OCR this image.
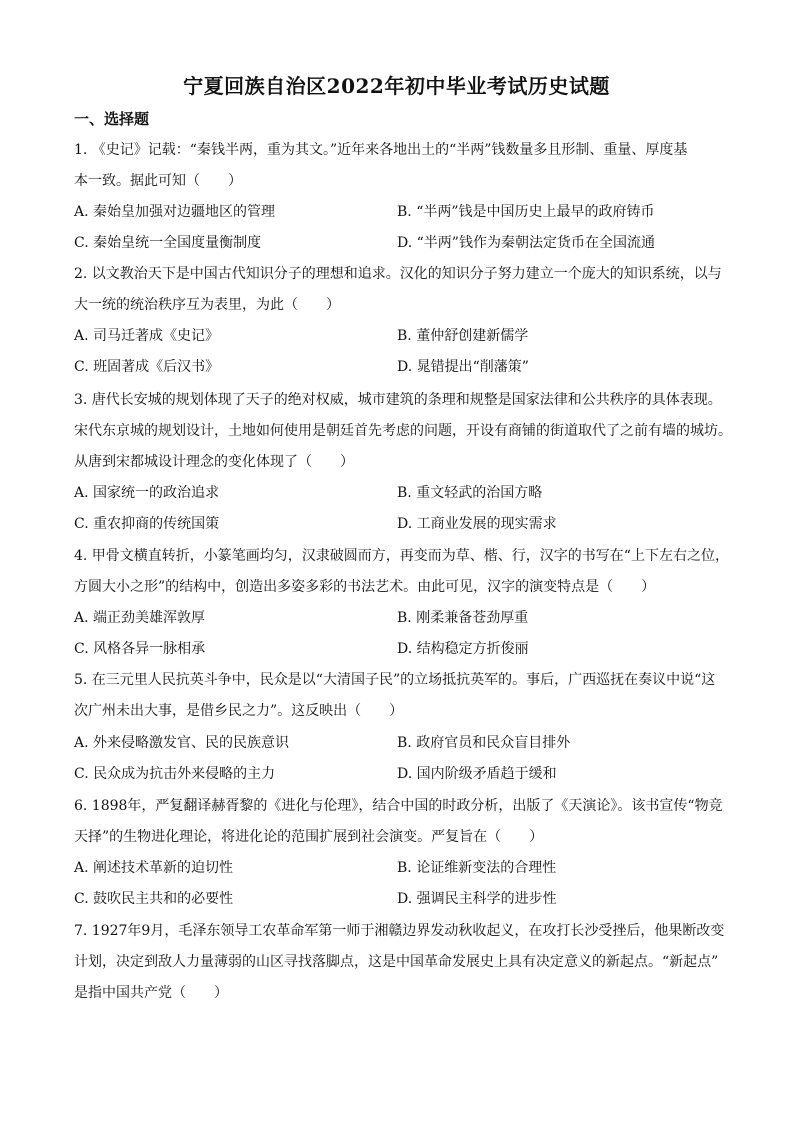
宁夏回族自治区2022年初中毕业考试历史试题
一、选择题
1. 《史记》记载：“秦钱半两，重为其文。”近年来各地出土的“半两”钱数量多且形制、重量、厚度基
本一致。据此可知（　　）
A. 秦始皇加强对边疆地区的管理	B. “半两”钱是中国历史上最早的政府铸币
C. 秦始皇统一全国度量衡制度	D. “半两”钱作为秦朝法定货币在全国流通
2. 以文教治天下是中国古代知识分子的理想和追求。汉化的知识分子努力建立一个庞大的知识系统，以与
大一统的统治秩序互为表里，为此（　　）
A. 司马迁著成《史记》	B. 董仲舒创建新儒学
C. 班固著成《后汉书》	D. 晁错提出“削藩策”
3. 唐代长安城的规划体现了天子的绝对权威，城市建筑的条理和规整是国家法律和公共秩序的具体表现。
宋代东京城的规划设计，土地如何使用是朝廷首先考虑的问题，开设有商铺的街道取代了之前有墙的城坊。
从唐到宋都城设计理念的变化体现了（　　）
A. 国家统一的政治追求	B. 重文轻武的治国方略
C. 重农抑商的传统国策	D. 工商业发展的现实需求
4. 甲骨文横直转折，小篆笔画均匀，汉隶破圆而方，再变而为草、楷、行，汉字的书写在“上下左右之位，
方圆大小之形”的结构中，创造出多姿多彩的书法艺术。由此可见，汉字的演变特点是（　　）
A. 端正劲美雄浑敦厚	B. 刚柔兼备苍劲厚重
C. 风格各异一脉相承	D. 结构稳定方折俊丽
5. 在三元里人民抗英斗争中，民众是以“大清国子民”的立场抵抗英军的。事后，广西巡抚在奏议中说“这
次广州未出大事，是借乡民之力”。这反映出（　　）
A. 外来侵略激发官、民的民族意识	B. 政府官员和民众盲目排外
C. 民众成为抗击外来侵略的主力	D. 国内阶级矛盾趋于缓和
6. 1898年，严复翻译赫胥黎的《进化与伦理》，结合中国的时政分析，出版了《天演论》。该书宣传“物竞
天择”的生物进化理论，将进化论的范围扩展到社会演变。严复旨在（　　）
A. 阐述技术革新的迫切性	B. 论证维新变法的合理性
C. 鼓吹民主共和的必要性	D. 强调民主科学的进步性
7. 1927年9月，毛泽东领导工农革命军第一师于湘赣边界发动秋收起义，在攻打长沙受挫后，他果断改变
计划，决定到敌人力量薄弱的山区寻找落脚点，这是中国革命发展史上具有决定意义的新起点。“新起点”
是指中国共产党（　　）
